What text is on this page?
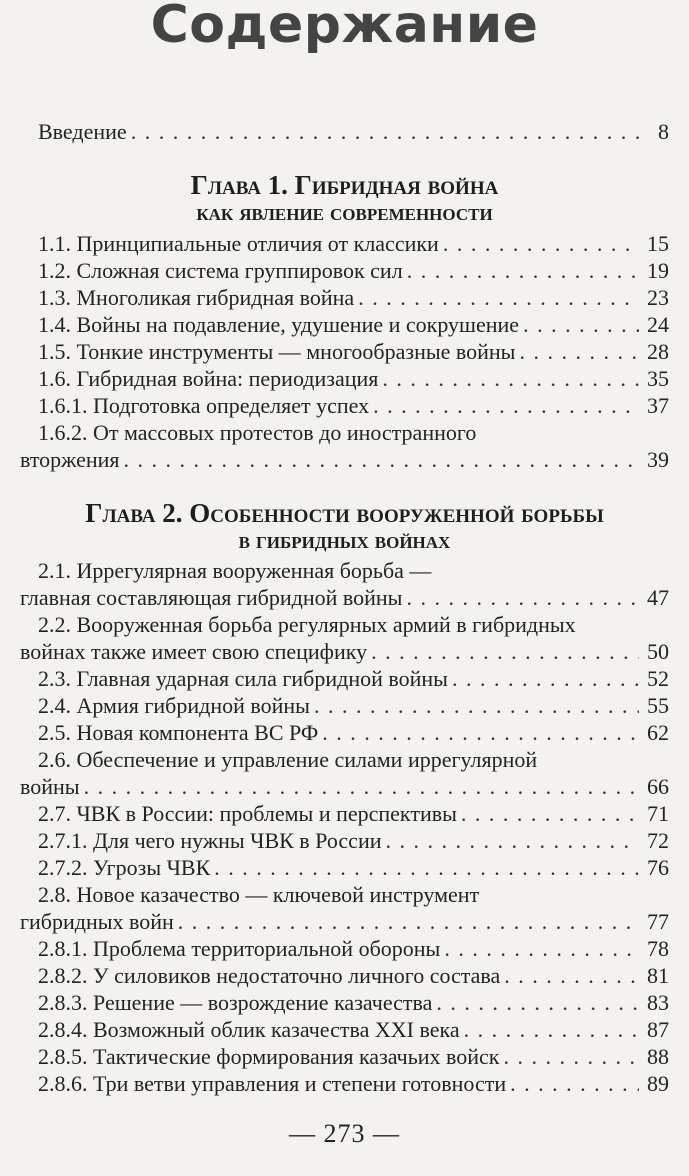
Содержание
Введение . . .	8
Глава 1. Гибридная война
как явление современности
1.1. Принципиальные отличия от классики . . .	15
1.2. Сложная система группировок сил . . .	19
1.3. Многоликая гибридная война . . .	23
1.4. Войны на подавление, удушение и сокрушение . . .	24
1.5. Тонкие инструменты — многообразные войны . . .	28
1.6. Гибридная война: периодизация . . .	35
1.6.1. Подготовка определяет успех . . .	37
1.6.2. От массовых протестов до иностранного
вторжения . . .	39
Глава 2. Особенности вооруженной борьбы
в гибридных войнах
2.1. Иррегулярная вооруженная борьба —
главная составляющая гибридной войны . . .	47
2.2. Вооруженная борьба регулярных армий в гибридных
войнах также имеет свою специфику . . .	50
2.3. Главная ударная сила гибридной войны . . .	52
2.4. Армия гибридной войны . . .	55
2.5. Новая компонента ВС РФ . . .	62
2.6. Обеспечение и управление силами иррегулярной
войны . . .	66
2.7. ЧВК в России: проблемы и перспективы . . .	71
2.7.1. Для чего нужны ЧВК в России . . .	72
2.7.2. Угрозы ЧВК . . .	76
2.8. Новое казачество — ключевой инструмент
гибридных войн . . .	77
2.8.1. Проблема территориальной обороны . . .	78
2.8.2. У силовиков недостаточно личного состава . . .	81
2.8.3. Решение — возрождение казачества . . .	83
2.8.4. Возможный облик казачества XXI века . . .	87
2.8.5. Тактические формирования казачьих войск . . .	88
2.8.6. Три ветви управления и степени готовности . . .	89
— 273 —
